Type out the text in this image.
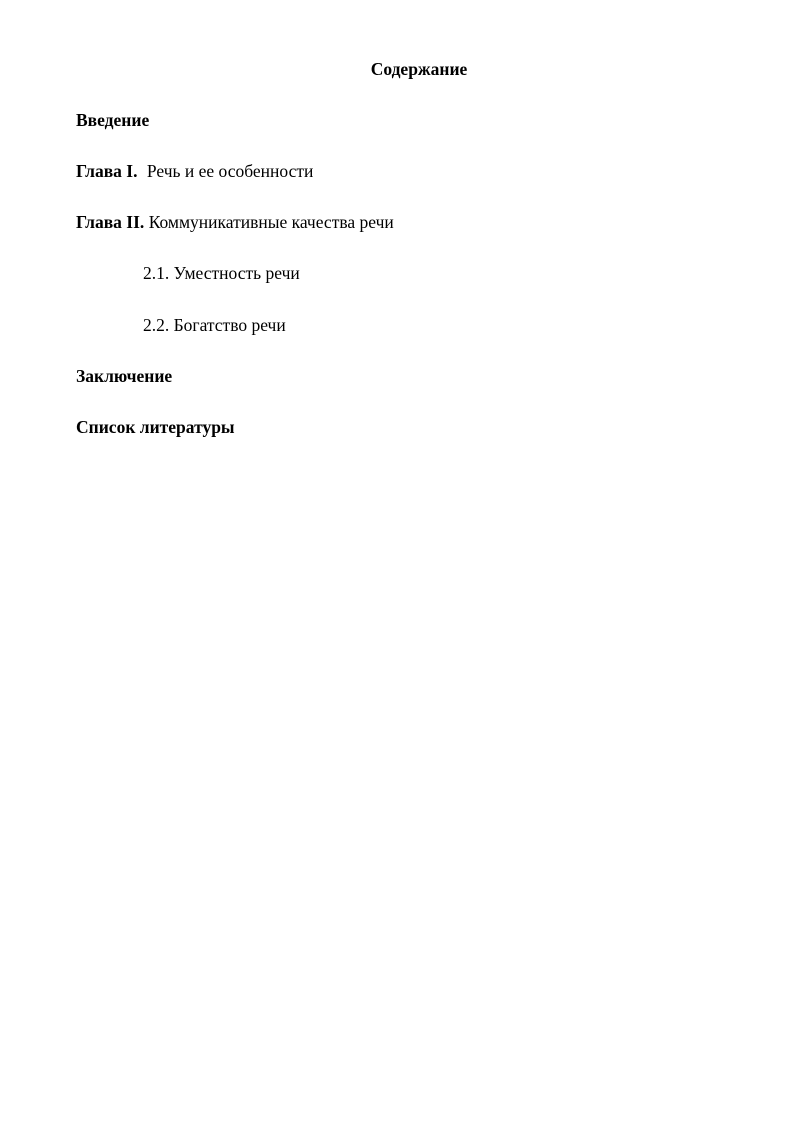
Содержание
Введение
Глава I. Речь и ее особенности
Глава II. Коммуникативные качества речи
2.1. Уместность речи
2.2. Богатство речи
Заключение
Список литературы
